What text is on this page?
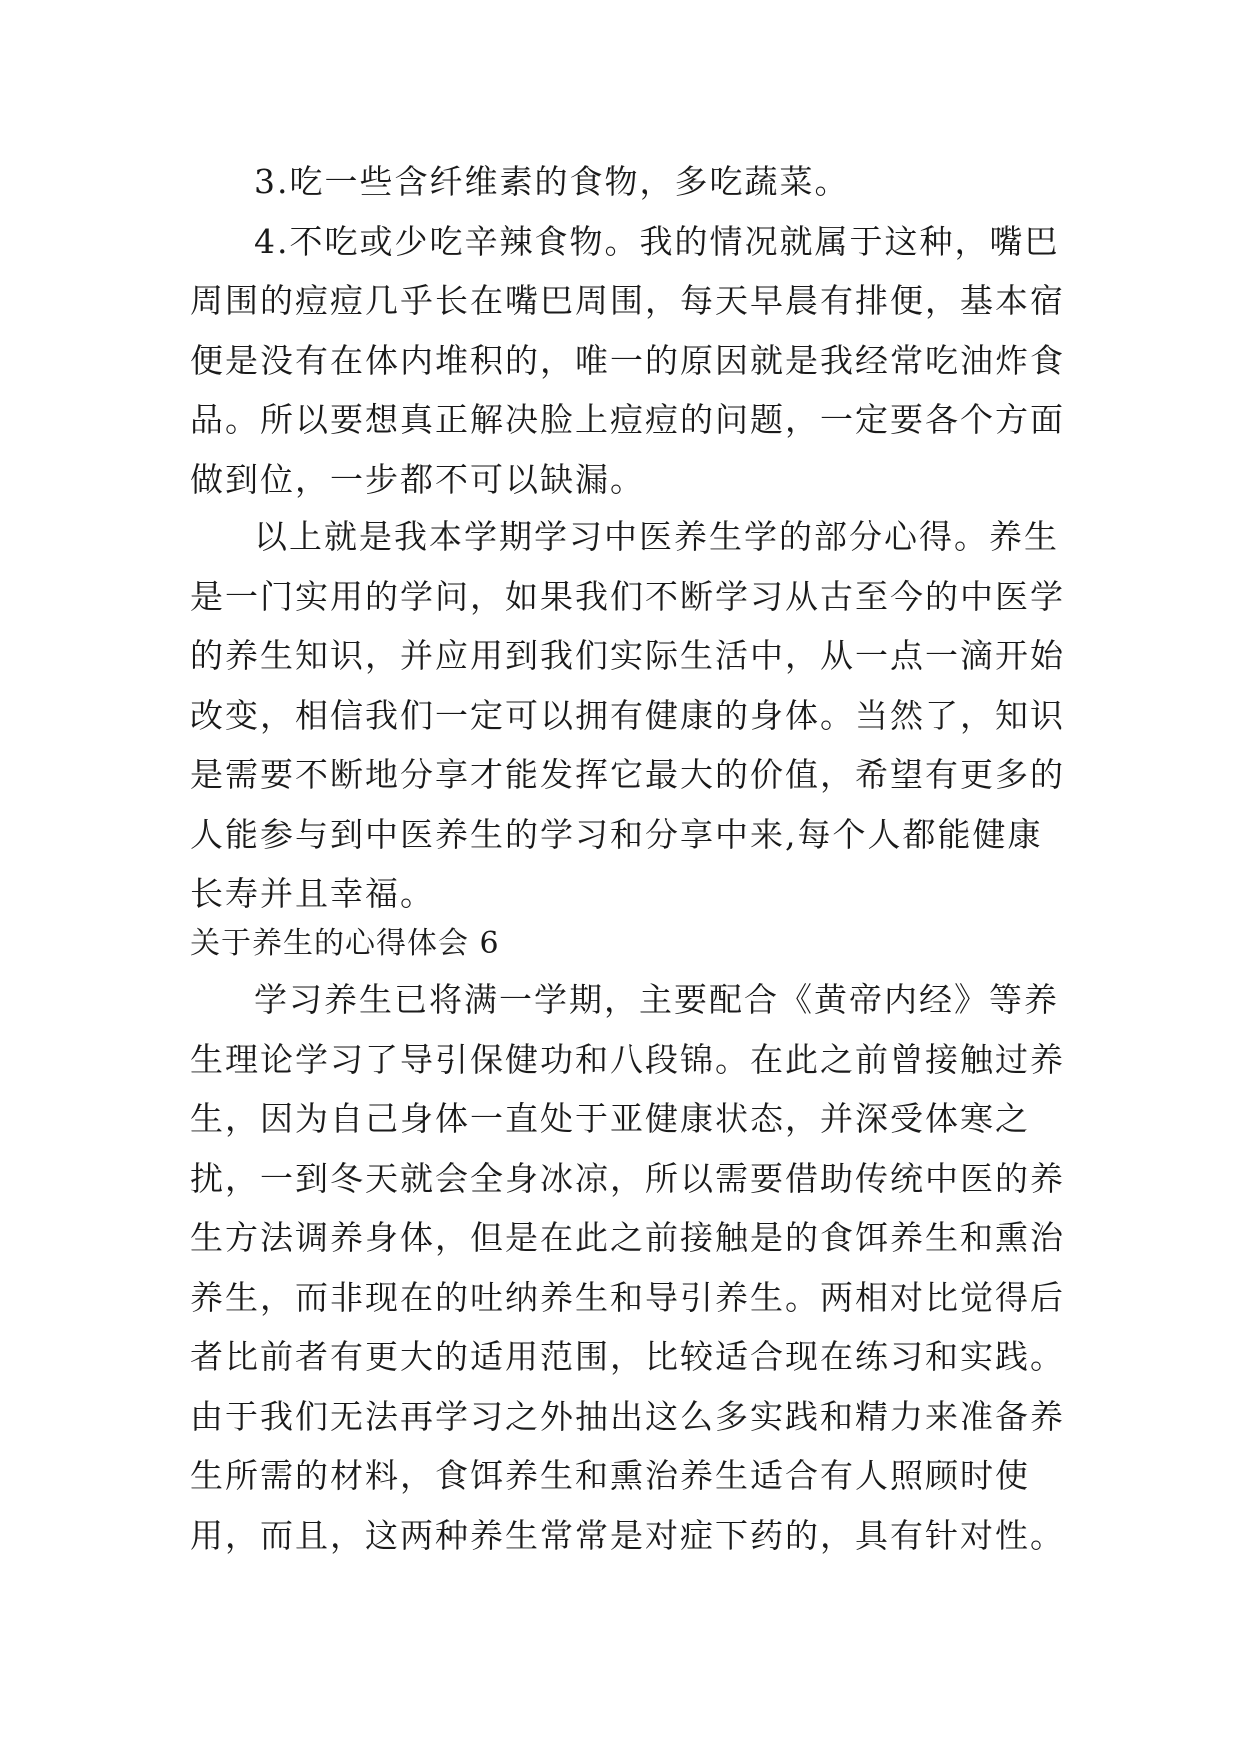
3.吃一些含纤维素的食物，多吃蔬菜。

4.不吃或少吃辛辣食物。我的情况就属于这种，嘴巴周围的痘痘几乎长在嘴巴周围，每天早晨有排便，基本宿便是没有在体内堆积的，唯一的原因就是我经常吃油炸食品。所以要想真正解决脸上痘痘的问题，一定要各个方面做到位，一步都不可以缺漏。

以上就是我本学期学习中医养生学的部分心得。养生是一门实用的学问，如果我们不断学习从古至今的中医学的养生知识，并应用到我们实际生活中，从一点一滴开始改变，相信我们一定可以拥有健康的身体。当然了，知识是需要不断地分享才能发挥它最大的价值，希望有更多的人能参与到中医养生的学习和分享中来,每个人都能健康长寿并且幸福。

关于养生的心得体会 6

学习养生已将满一学期，主要配合《黄帝内经》等养生理论学习了导引保健功和八段锦。在此之前曾接触过养生，因为自己身体一直处于亚健康状态，并深受体寒之扰，一到冬天就会全身冰凉，所以需要借助传统中医的养生方法调养身体，但是在此之前接触是的食饵养生和熏治养生，而非现在的吐纳养生和导引养生。两相对比觉得后者比前者有更大的适用范围，比较适合现在练习和实践。由于我们无法再学习之外抽出这么多实践和精力来准备养生所需的材料，食饵养生和熏治养生适合有人照顾时使用，而且，这两种养生常常是对症下药的，具有针对性。
